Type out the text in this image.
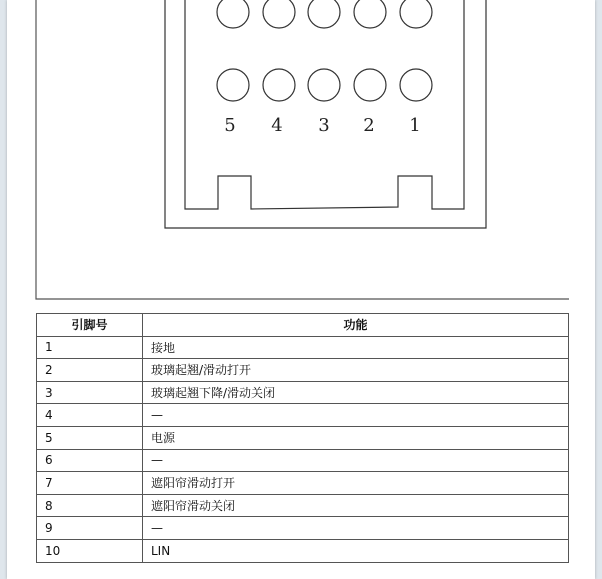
5 4 3 2 1
引脚号	功能
1	接地
2	玻璃起翘/滑动打开
3	玻璃起翘下降/滑动关闭
4	—
5	电源
6	—
7	遮阳帘滑动打开
8	遮阳帘滑动关闭
9	—
10	LIN
